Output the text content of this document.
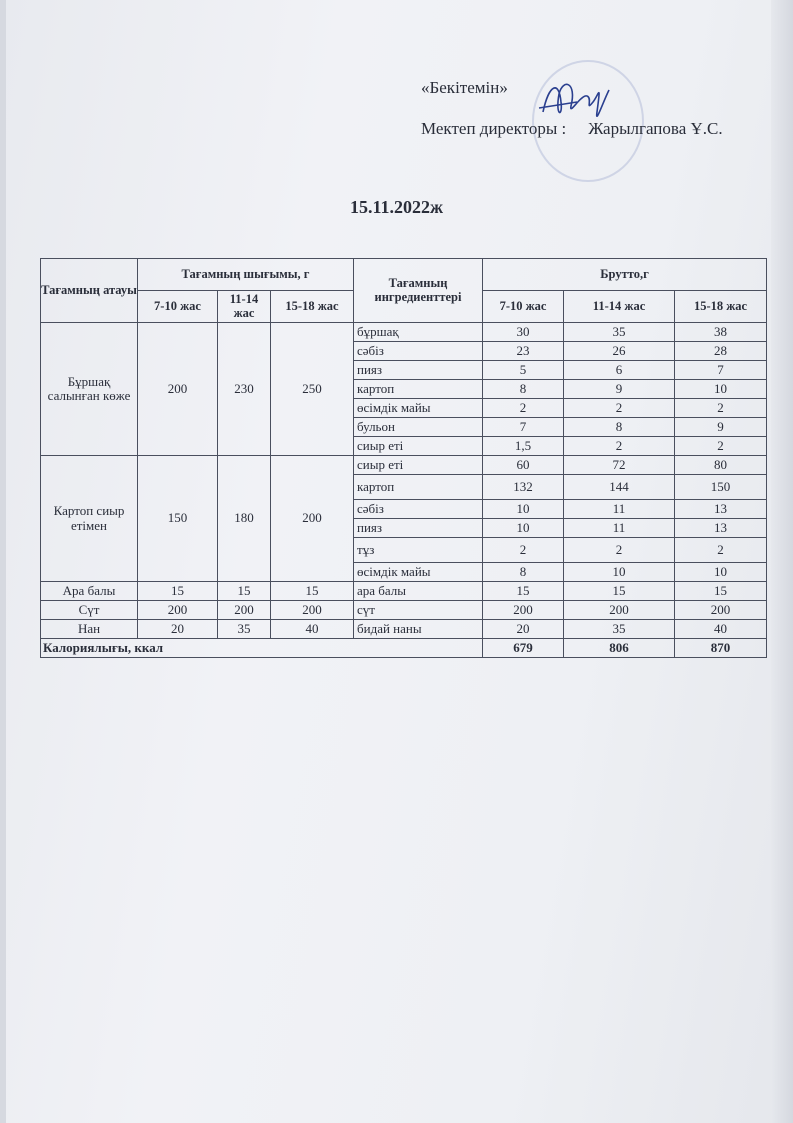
«Бекітемін»
Мектеп директоры : Жарылгапова Ұ.С.
15.11.2022ж
Тағамның атауы	Тағамның шығымы, г			Тағамның ингредиенттері	Брутто,г		
	7-10 жас	11-14 жас	15-18 жас		7-10 жас	11-14 жас	15-18 жас
Бұршақ салынған көже	200	230	250	бұршақ	30	35	38
				сәбіз	23	26	28
				пияз	5	6	7
				картоп	8	9	10
				өсімдік майы	2	2	2
				бульон	7	8	9
				сиыр еті	1,5	2	2
Картоп сиыр етімен	150	180	200	сиыр еті	60	72	80
				картоп	132	144	150
				сәбіз	10	11	13
				пияз	10	11	13
				тұз	2	2	2
				өсімдік майы	8	10	10
Ара балы	15	15	15	ара балы	15	15	15
Сүт	200	200	200	сүт	200	200	200
Нан	20	35	40	бидай наны	20	35	40
Калориялығы, ккал					679	806	870
